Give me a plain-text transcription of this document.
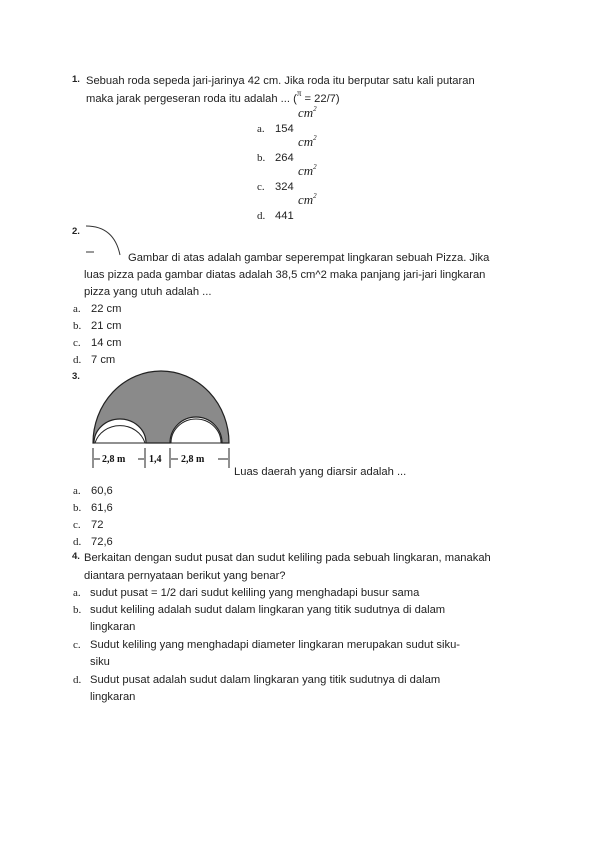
1. Sebuah roda sepeda jari-jarinya 42 cm. Jika roda itu berputar satu kali putaran
maka jarak pergeseran roda itu adalah ... ($^\pi$ = 22/7)
$cm^2$
$cm^2$
$cm^2$
$cm^2$
a. 154
b. 264
c. 324
d. 441
2.
Gambar di atas adalah gambar seperempat lingkaran sebuah Pizza. Jika
luas pizza pada gambar diatas adalah 38,5 cm^2 maka panjang jari-jari lingkaran
pizza yang utuh adalah ...
a. 22 cm
b. 21 cm
c. 14 cm
d. 7 cm
3.
2,8 m 1,4 2,8 m
Luas daerah yang diarsir adalah ...
a. 60,6
b. 61,6
c. 72
d. 72,6
4. Berkaitan dengan sudut pusat dan sudut keliling pada sebuah lingkaran, manakah
diantara pernyataan berikut yang benar?
a. sudut pusat = 1/2 dari sudut keliling yang menghadapi busur sama
b. sudut keliling adalah sudut dalam lingkaran yang titik sudutnya di dalam
lingkaran
c. Sudut keliling yang menghadapi diameter lingkaran merupakan sudut siku-
siku
d. Sudut pusat adalah sudut dalam lingkaran yang titik sudutnya di dalam
lingkaran
